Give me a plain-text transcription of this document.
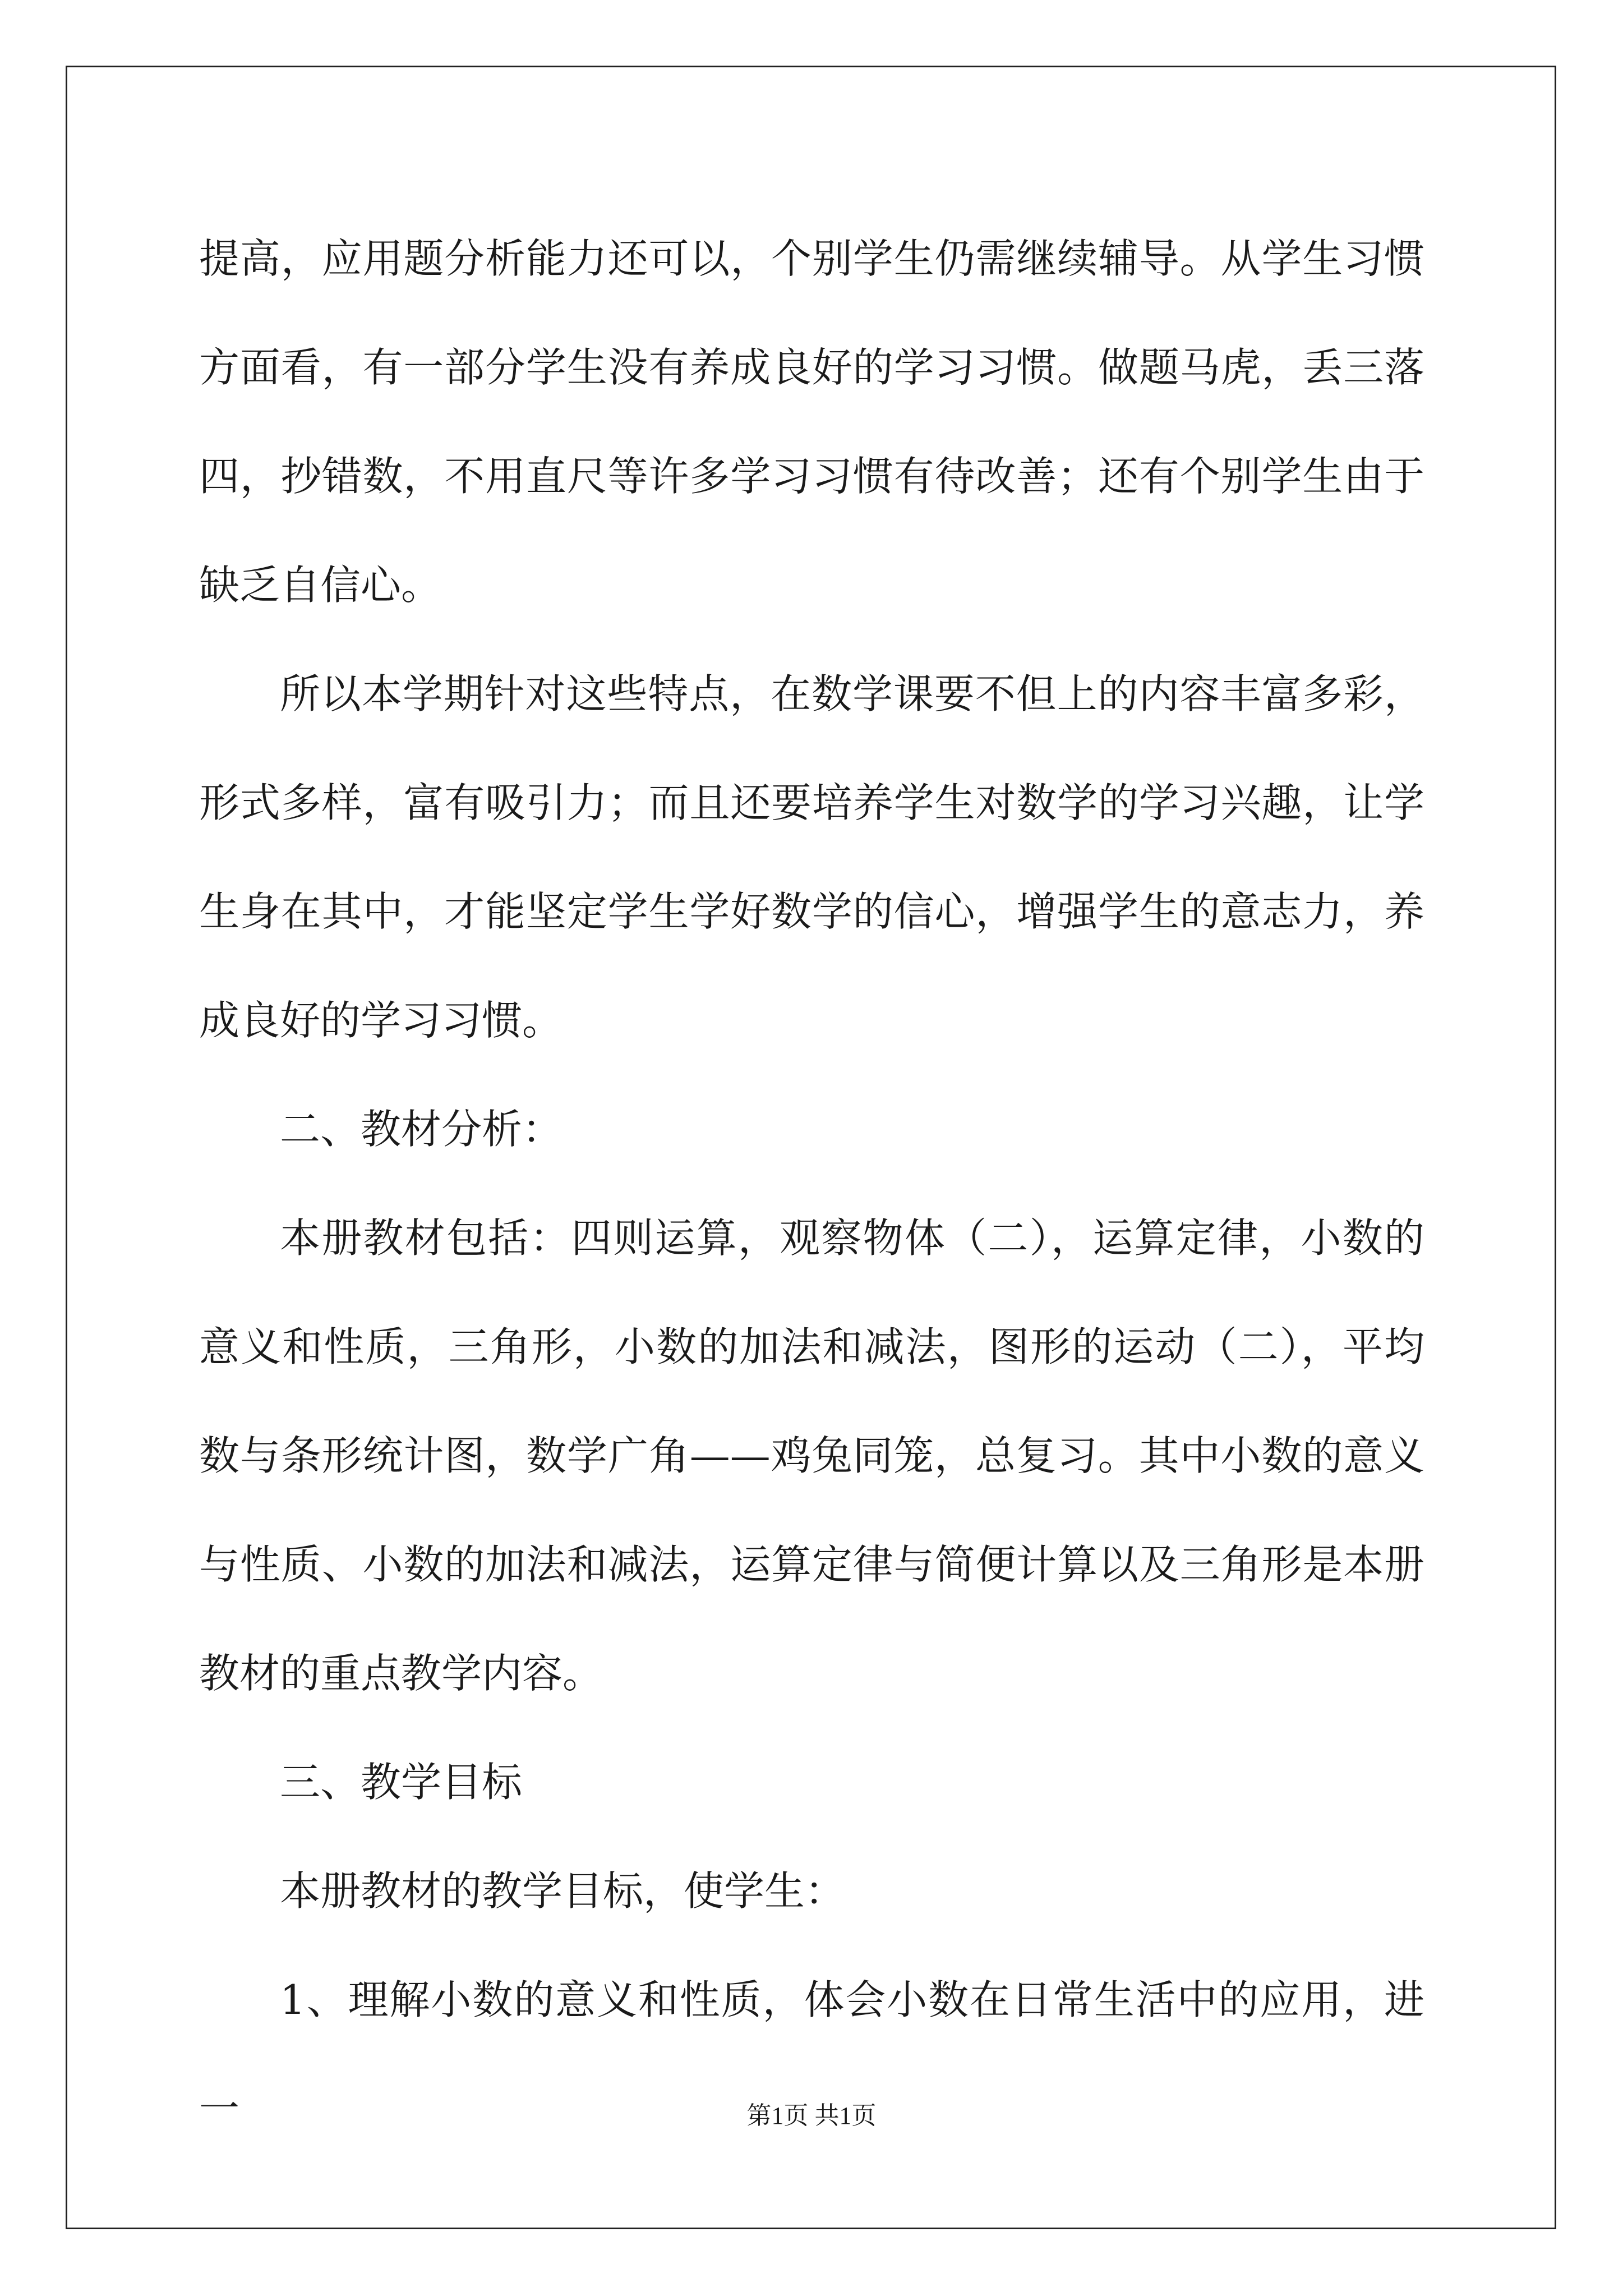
提高，应用题分析能力还可以，个别学生仍需继续辅导。从学生习惯方面看，有一部分学生没有养成良好的学习习惯。做题马虎，丢三落四，抄错数，不用直尺等许多学习习惯有待改善；还有个别学生由于缺乏自信心。

所以本学期针对这些特点，在数学课要不但上的内容丰富多彩，形式多样，富有吸引力；而且还要培养学生对数学的学习兴趣，让学生身在其中，才能坚定学生学好数学的信心，增强学生的意志力，养成良好的学习习惯。

二、教材分析：

本册教材包括：四则运算，观察物体（二），运算定律，小数的意义和性质，三角形，小数的加法和减法，图形的运动（二），平均数与条形统计图，数学广角——鸡兔同笼，总复习。其中小数的意义与性质、小数的加法和减法，运算定律与简便计算以及三角形是本册教材的重点教学内容。

三、教学目标

本册教材的教学目标，使学生：

1、理解小数的意义和性质，体会小数在日常生活中的应用，进一	第1页 共1页
